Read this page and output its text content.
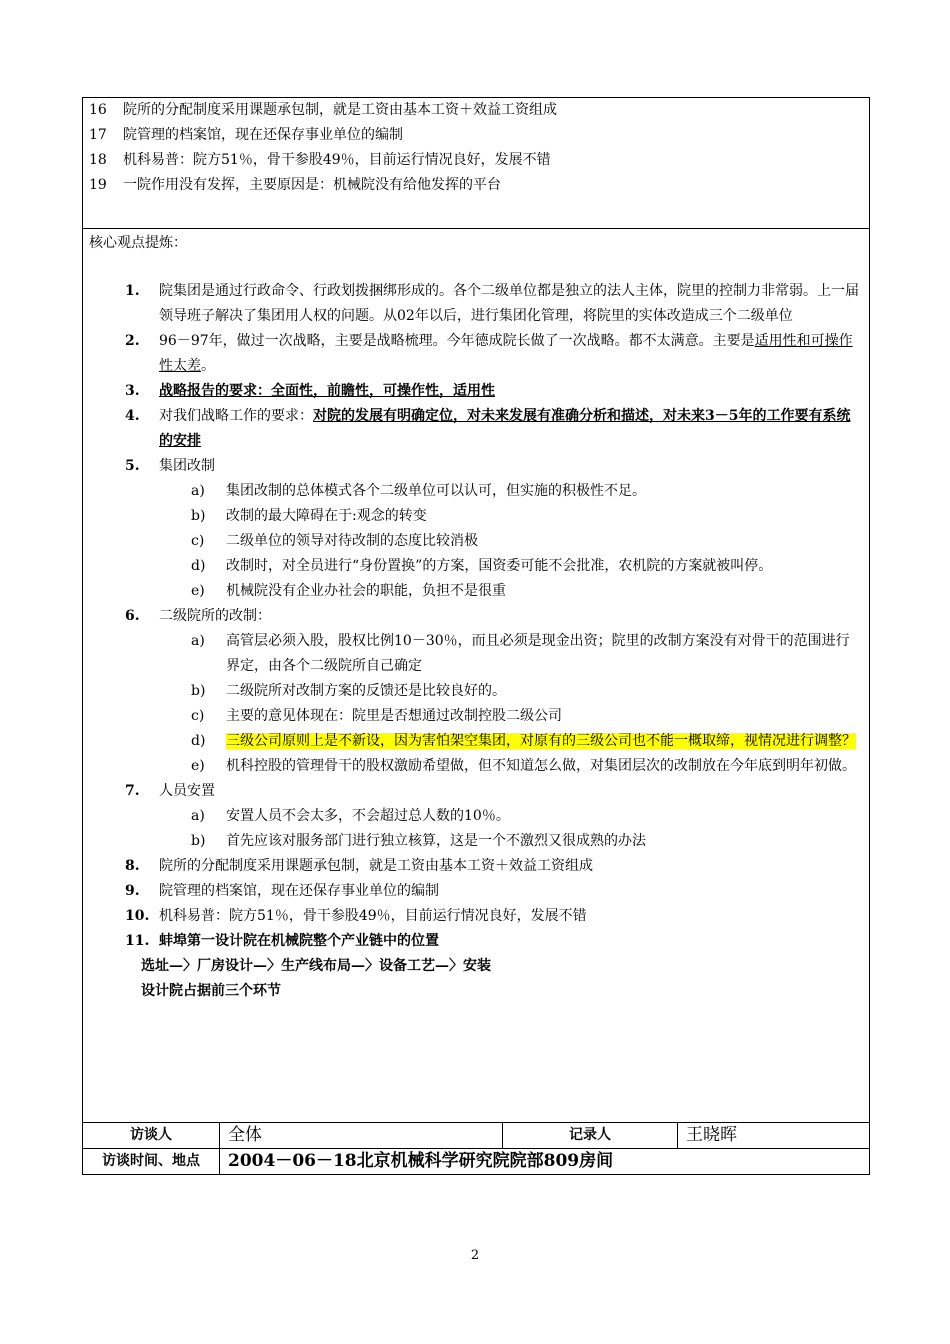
16 院所的分配制度采用课题承包制，就是工资由基本工资＋效益工资组成
17 院管理的档案馆，现在还保存事业单位的编制
18 机科易普：院方51％，骨干参股49％，目前运行情况良好，发展不错
19 一院作用没有发挥，主要原因是：机械院没有给他发挥的平台
核心观点提炼：
1. 院集团是通过行政命令、行政划拨捆绑形成的。各个二级单位都是独立的法人主体，院里的控制力非常弱。上一届领导班子解决了集团用人权的问题。从02年以后，进行集团化管理，将院里的实体改造成三个二级单位
2. 96－97年，做过一次战略，主要是战略梳理。今年德成院长做了一次战略。都不太满意。主要是适用性和可操作性太差。
3. 战略报告的要求：全面性，前瞻性，可操作性，适用性
4. 对我们战略工作的要求：对院的发展有明确定位，对未来发展有准确分析和描述，对未来3－5年的工作要有系统的安排
5. 集团改制
a) 集团改制的总体模式各个二级单位可以认可，但实施的积极性不足。
b) 改制的最大障碍在于:观念的转变
c) 二级单位的领导对待改制的态度比较消极
d) 改制时，对全员进行“身份置换”的方案，国资委可能不会批准，农机院的方案就被叫停。
e) 机械院没有企业办社会的职能，负担不是很重
6. 二级院所的改制：
a) 高管层必须入股，股权比例10－30％，而且必须是现金出资；院里的改制方案没有对骨干的范围进行界定，由各个二级院所自己确定
b) 二级院所对改制方案的反馈还是比较良好的。
c) 主要的意见体现在：院里是否想通过改制控股二级公司
d) 三级公司原则上是不新设，因为害怕架空集团，对原有的三级公司也不能一概取缔，视情况进行调整？
e) 机科控股的管理骨干的股权激励希望做，但不知道怎么做，对集团层次的改制放在今年底到明年初做。
7. 人员安置
a) 安置人员不会太多，不会超过总人数的10％。
b) 首先应该对服务部门进行独立核算，这是一个不激烈又很成熟的办法
8. 院所的分配制度采用课题承包制，就是工资由基本工资＋效益工资组成
9. 院管理的档案馆，现在还保存事业单位的编制
10. 机科易普：院方51％，骨干参股49％，目前运行情况良好，发展不错
11. 蚌埠第一设计院在机械院整个产业链中的位置
选址—〉厂房设计—〉生产线布局—〉设备工艺—〉安装
设计院占据前三个环节
访谈人	全体	记录人	王晓晖
访谈时间、地点	2004－06－18北京机械科学研究院院部809房间
2
